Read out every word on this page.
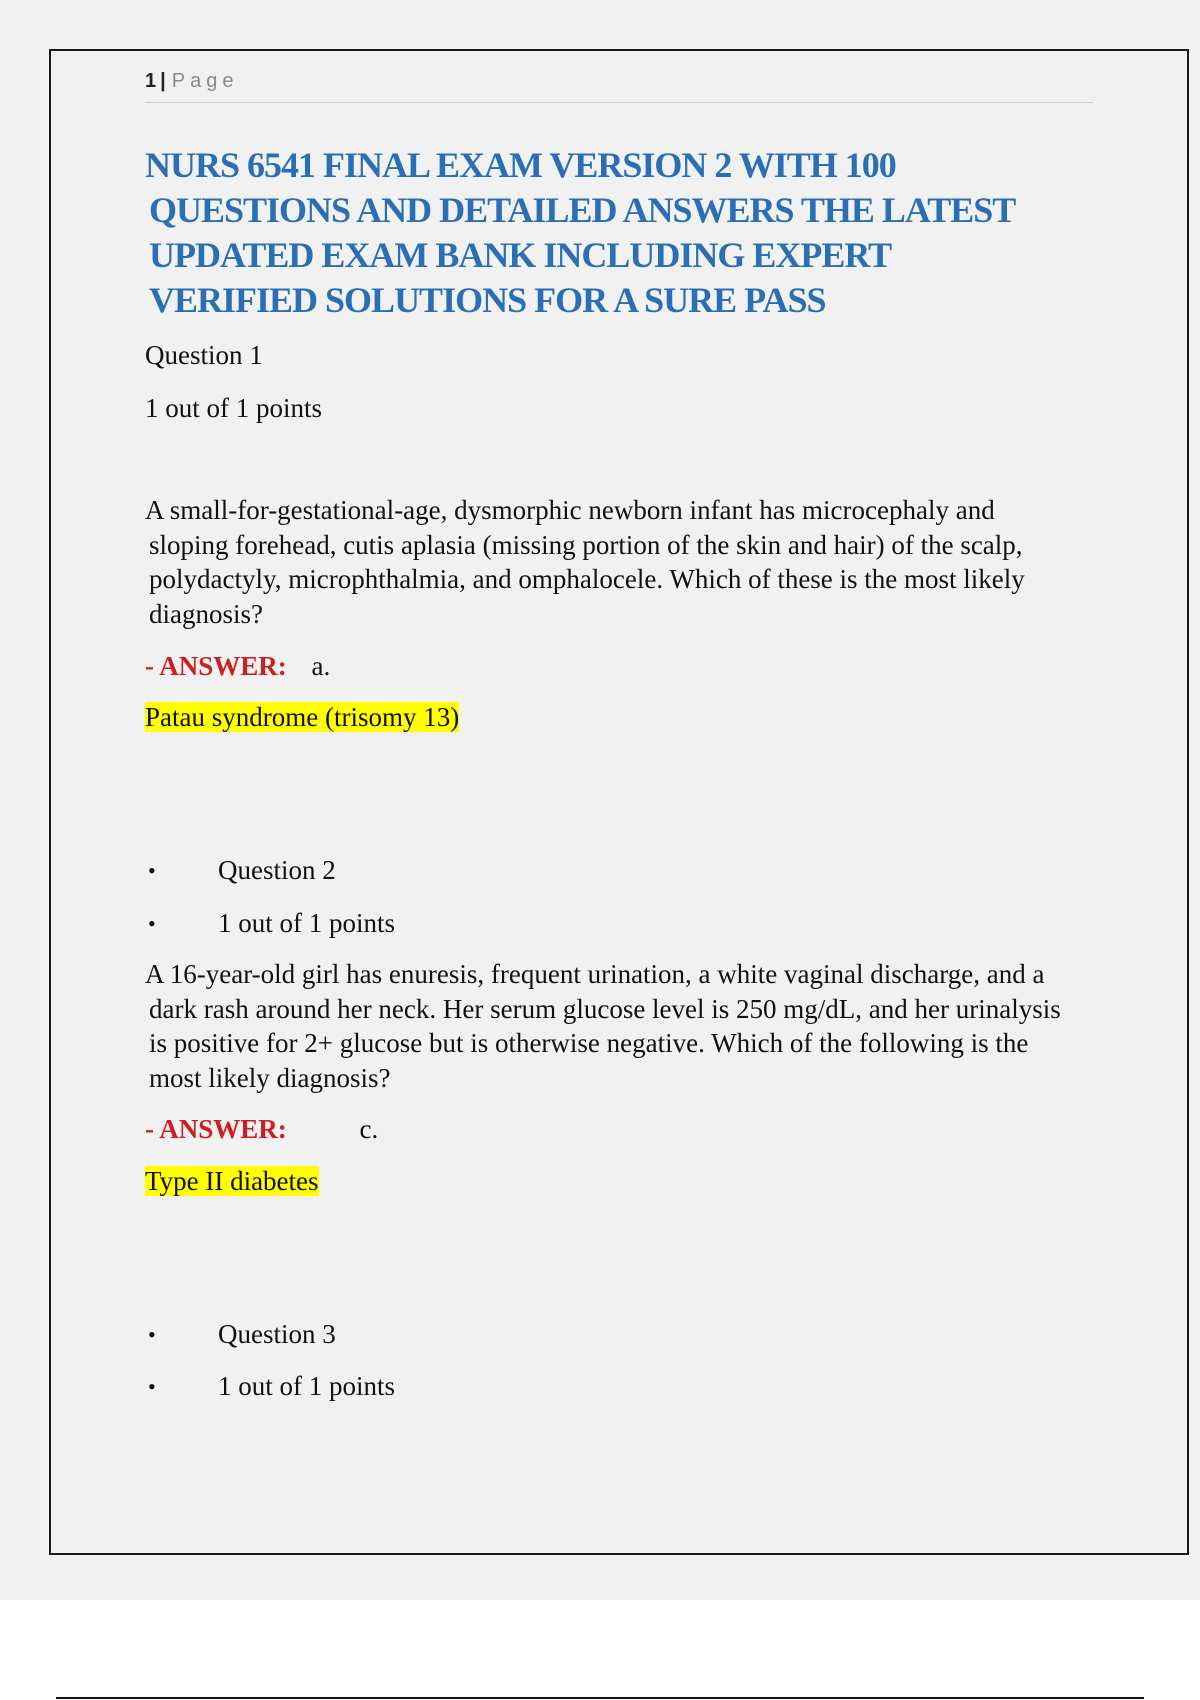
1 | Page
NURS 6541 FINAL EXAM VERSION 2 WITH 100
QUESTIONS AND DETAILED ANSWERS THE LATEST
UPDATED EXAM BANK INCLUDING EXPERT
VERIFIED SOLUTIONS FOR A SURE PASS
Question 1
1 out of 1 points
A small-for-gestational-age, dysmorphic newborn infant has microcephaly and
sloping forehead, cutis aplasia (missing portion of the skin and hair) of the scalp,
polydactyly, microphthalmia, and omphalocele. Which of these is the most likely
diagnosis?
- ANSWER: a.
Patau syndrome (trisomy 13)
• Question 2
• 1 out of 1 points
A 16-year-old girl has enuresis, frequent urination, a white vaginal discharge, and a
dark rash around her neck. Her serum glucose level is 250 mg/dL, and her urinalysis
is positive for 2+ glucose but is otherwise negative. Which of the following is the
most likely diagnosis?
- ANSWER:	c.
Type II diabetes
• Question 3
• 1 out of 1 points
